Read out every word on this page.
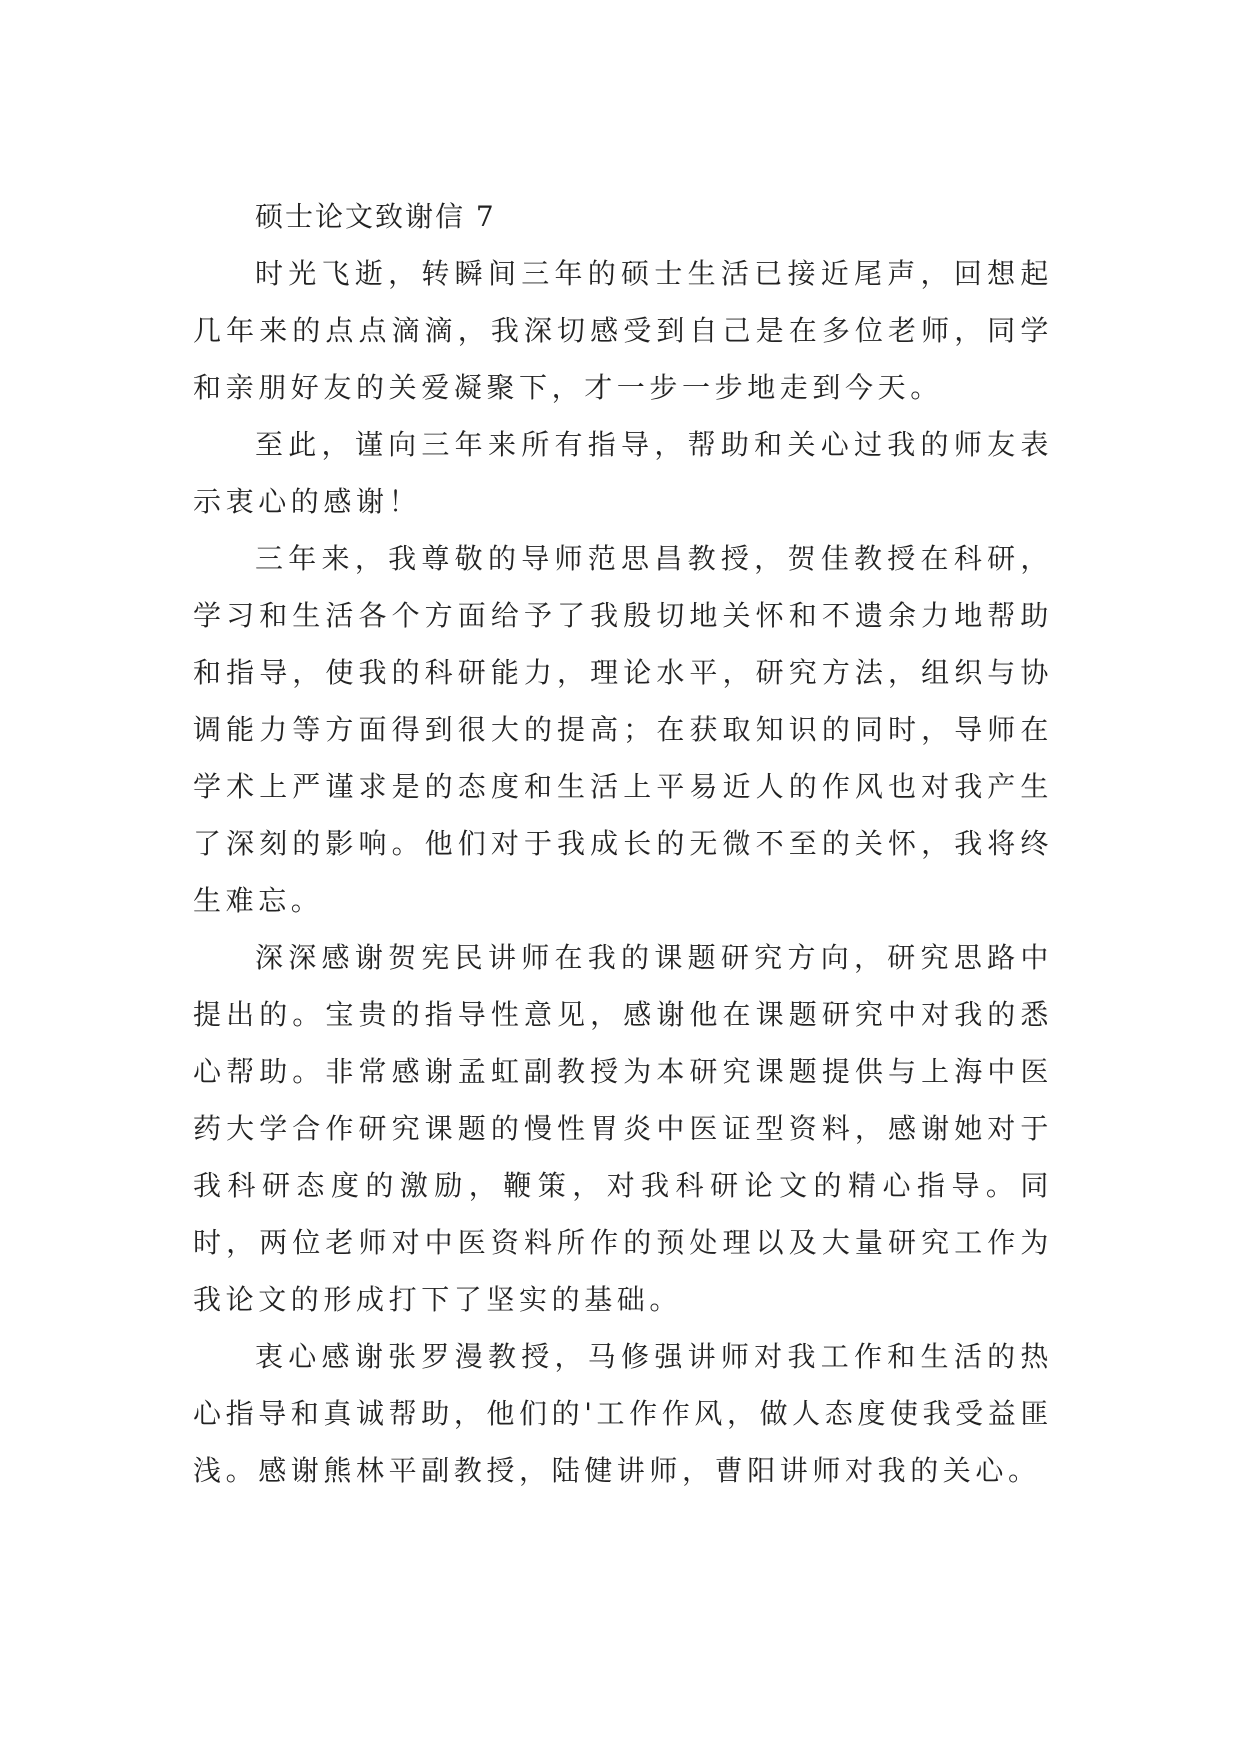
硕士论文致谢信 7

时光飞逝，转瞬间三年的硕士生活已接近尾声，回想起几年来的点点滴滴，我深切感受到自己是在多位老师，同学和亲朋好友的关爱凝聚下，才一步一步地走到今天。

至此，谨向三年来所有指导，帮助和关心过我的师友表示衷心的感谢！

三年来，我尊敬的导师范思昌教授，贺佳教授在科研，学习和生活各个方面给予了我殷切地关怀和不遗余力地帮助和指导，使我的科研能力，理论水平，研究方法，组织与协调能力等方面得到很大的提高；在获取知识的同时，导师在学术上严谨求是的态度和生活上平易近人的作风也对我产生了深刻的影响。他们对于我成长的无微不至的关怀，我将终生难忘。

深深感谢贺宪民讲师在我的课题研究方向，研究思路中提出的。宝贵的指导性意见，感谢他在课题研究中对我的悉心帮助。非常感谢孟虹副教授为本研究课题提供与上海中医药大学合作研究课题的慢性胃炎中医证型资料，感谢她对于我科研态度的激励，鞭策，对我科研论文的精心指导。同时，两位老师对中医资料所作的预处理以及大量研究工作为我论文的形成打下了坚实的基础。

衷心感谢张罗漫教授，马修强讲师对我工作和生活的热心指导和真诚帮助，他们的'工作作风，做人态度使我受益匪浅。感谢熊林平副教授，陆健讲师，曹阳讲师对我的关心。
